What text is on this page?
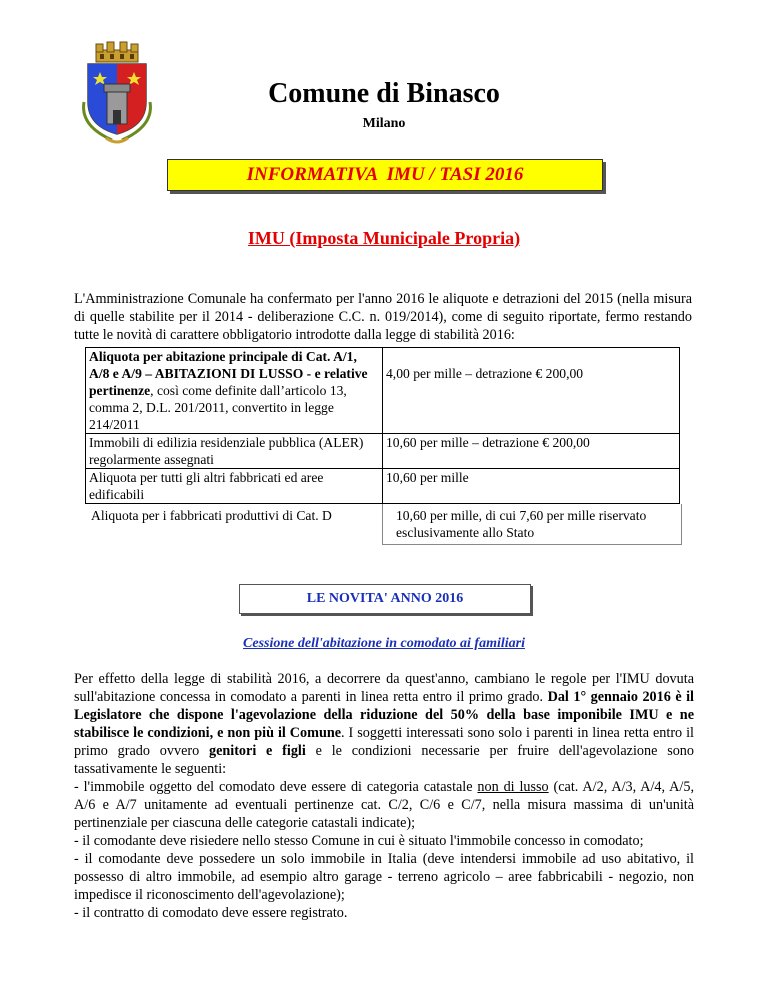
Comune di Binasco
Milano
INFORMATIVA  IMU / TASI 2016
IMU (Imposta Municipale Propria)
L'Amministrazione Comunale ha confermato per l'anno 2016 le aliquote e detrazioni del 2015 (nella misura di quelle stabilite per il 2014 - deliberazione C.C. n. 019/2014), come di seguito riportate, fermo restando tutte le novità di carattere obbligatorio introdotte dalla legge di stabilità 2016:
Aliquota per abitazione principale di Cat. A/1, A/8 e A/9 – ABITAZIONI DI LUSSO - e relative pertinenze, così come definite dall’articolo 13, comma 2, D.L. 201/2011, convertito in legge 214/2011
4,00 per mille – detrazione € 200,00
Immobili di edilizia residenziale pubblica (ALER) regolarmente assegnati
10,60 per mille – detrazione € 200,00
Aliquota per tutti gli altri fabbricati ed aree edificabili
10,60 per mille
Aliquota per i fabbricati produttivi di Cat. D	10,60 per mille, di cui 7,60 per mille riservato esclusivamente allo Stato
LE NOVITA' ANNO 2016
Cessione dell'abitazione in comodato ai familiari

Per effetto della legge di stabilità 2016, a decorrere da quest'anno, cambiano le regole per l'IMU dovuta sull'abitazione concessa in comodato a parenti in linea retta entro il primo grado. Dal 1° gennaio 2016 è il Legislatore che dispone l'agevolazione della riduzione del 50% della base imponibile IMU e ne stabilisce le condizioni, e non più il Comune. I soggetti interessati sono solo i parenti in linea retta entro il primo grado ovvero genitori e figli e le condizioni necessarie per fruire dell'agevolazione sono tassativamente le seguenti:

- l'immobile oggetto del comodato deve essere di categoria catastale non di lusso (cat. A/2, A/3, A/4, A/5, A/6 e A/7 unitamente ad eventuali pertinenze cat. C/2, C/6 e C/7, nella misura massima di un'unità pertinenziale per ciascuna delle categorie catastali indicate);

- il comodante deve risiedere nello stesso Comune in cui è situato l'immobile concesso in comodato;

- il comodante deve possedere un solo immobile in Italia (deve intendersi immobile ad uso abitativo, il possesso di altro immobile, ad esempio altro garage - terreno agricolo – aree fabbricabili - negozio, non impedisce il riconoscimento dell'agevolazione);

- il contratto di comodato deve essere registrato.
